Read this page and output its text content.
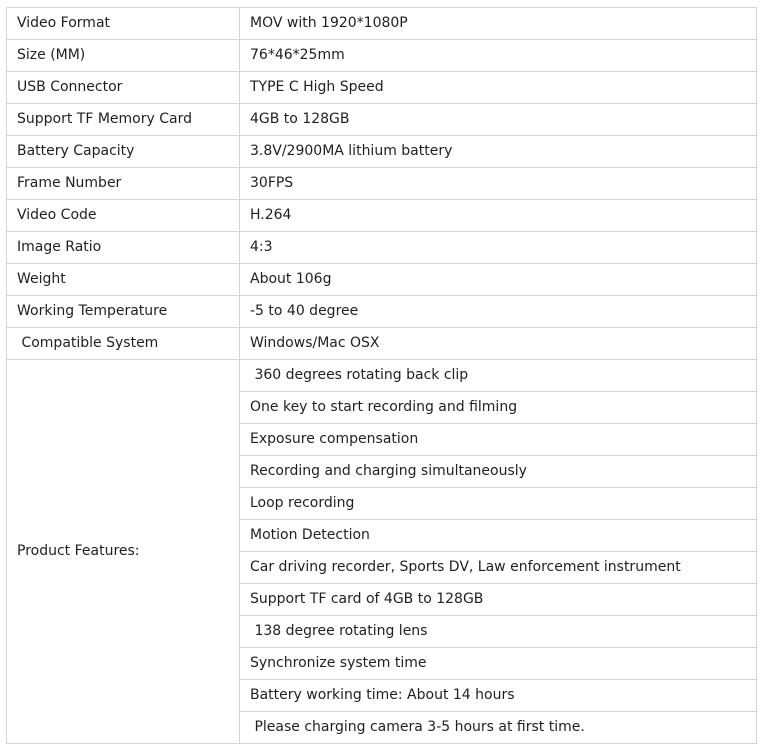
Video Format	MOV with 1920*1080P
Size (MM)	76*46*25mm
USB Connector	TYPE C High Speed
Support TF Memory Card	4GB to 128GB
Battery Capacity	3.8V/2900MA lithium battery
Frame Number	30FPS
Video Code	H.264
Image Ratio	4:3
Weight	About 106g
Working Temperature	-5 to 40 degree
Compatible System	Windows/Mac OSX
Product Features:	360 degrees rotating back clip
	One key to start recording and filming
	Exposure compensation
	Recording and charging simultaneously
	Loop recording
	Motion Detection
	Car driving recorder, Sports DV, Law enforcement instrument
	Support TF card of 4GB to 128GB
	138 degree rotating lens
	Synchronize system time
	Battery working time: About 14 hours
	Please charging camera 3-5 hours at first time.
